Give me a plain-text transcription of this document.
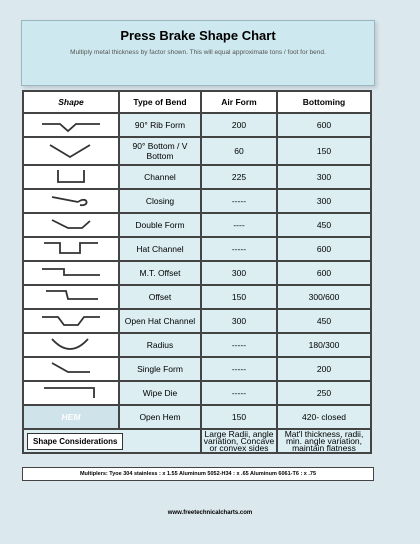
Press Brake Shape Chart
Multiply metal thickness by factor shown. This will equal approximate tons / foot for bend.
Shape	Type of Bend	Air Form	Bottoming

	90° Rib Form	200	600

	90° Bottom / V Bottom	60	150

	Channel	225	300

	Closing	-----	300

	Double Form	----	450

	Hat Channel	-----	600

	M.T. Offset	300	600

	Offset	150	300/600

	Open Hat Channel	300	450

	Radius	-----	180/300

	Single Form	-----	200

	Wipe Die	-----	250
HEM	Open Hem	150	420- closed
Shape Considerations		Large Radii, angle variation, Concave or convex sides	Mat'l thickness, radii, min. angle variation, maintain flatness
Multiplers: Tyoe 304 stainless : x 1.55 Aluminum 5052-H34 : x .65 Aluminum 6061-T6 : x .75
www.freetechnicalcharts.com
